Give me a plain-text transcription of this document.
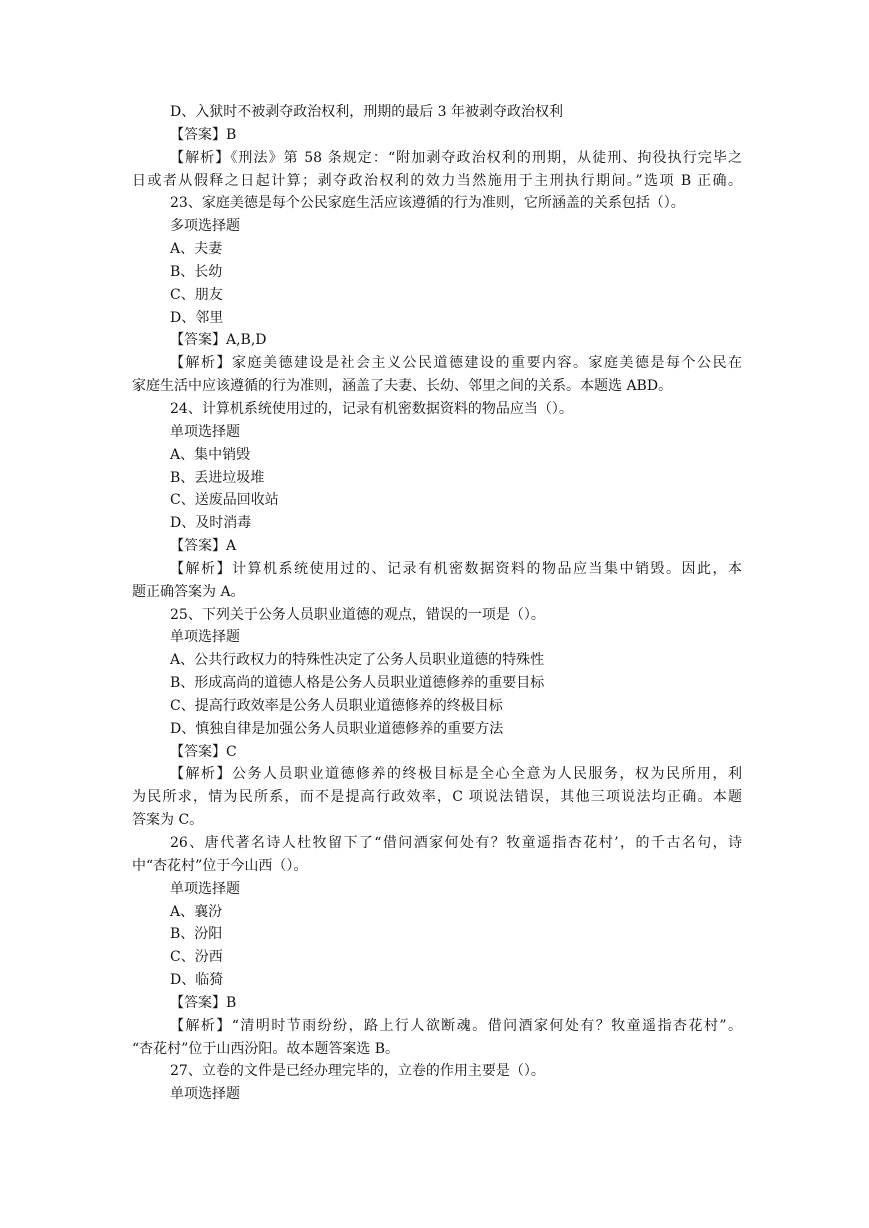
D、入狱时不被剥夺政治权利，刑期的最后 3 年被剥夺政治权利
【答案】B
【解析】《刑法》第 58 条规定：“附加剥夺政治权利的刑期，从徒刑、拘役执行完毕之
日或者从假释之日起计算；剥夺政治权利的效力当然施用于主刑执行期间。”选项 B 正确。
23、家庭美德是每个公民家庭生活应该遵循的行为准则，它所涵盖的关系包括（）。
多项选择题
A、夫妻
B、长幼
C、朋友
D、邻里
【答案】A,B,D
【解析】家庭美德建设是社会主义公民道德建设的重要内容。家庭美德是每个公民在
家庭生活中应该遵循的行为准则，涵盖了夫妻、长幼、邻里之间的关系。本题选 ABD。
24、计算机系统使用过的，记录有机密数据资料的物品应当（）。
单项选择题
A、集中销毁
B、丢进垃圾堆
C、送废品回收站
D、及时消毒
【答案】A
【解析】计算机系统使用过的、记录有机密数据资料的物品应当集中销毁。因此，本
题正确答案为 A。
25、下列关于公务人员职业道德的观点，错误的一项是（）。
单项选择题
A、公共行政权力的特殊性决定了公务人员职业道德的特殊性
B、形成高尚的道德人格是公务人员职业道德修养的重要目标
C、提高行政效率是公务人员职业道德修养的终极目标
D、慎独自律是加强公务人员职业道德修养的重要方法
【答案】C
【解析】公务人员职业道德修养的终极目标是全心全意为人民服务，权为民所用，利
为民所求，情为民所系，而不是提高行政效率，C 项说法错误，其他三项说法均正确。本题
答案为 C。
26、唐代著名诗人杜牧留下了“借问酒家何处有？牧童遥指杏花村’，的千古名句，诗
中“杏花村”位于今山西（）。
单项选择题
A、襄汾
B、汾阳
C、汾西
D、临猗
【答案】B
【解析】“清明时节雨纷纷，路上行人欲断魂。借问酒家何处有？牧童遥指杏花村”。
“杏花村”位于山西汾阳。故本题答案选 B。
27、立卷的文件是已经办理完毕的，立卷的作用主要是（）。
单项选择题
